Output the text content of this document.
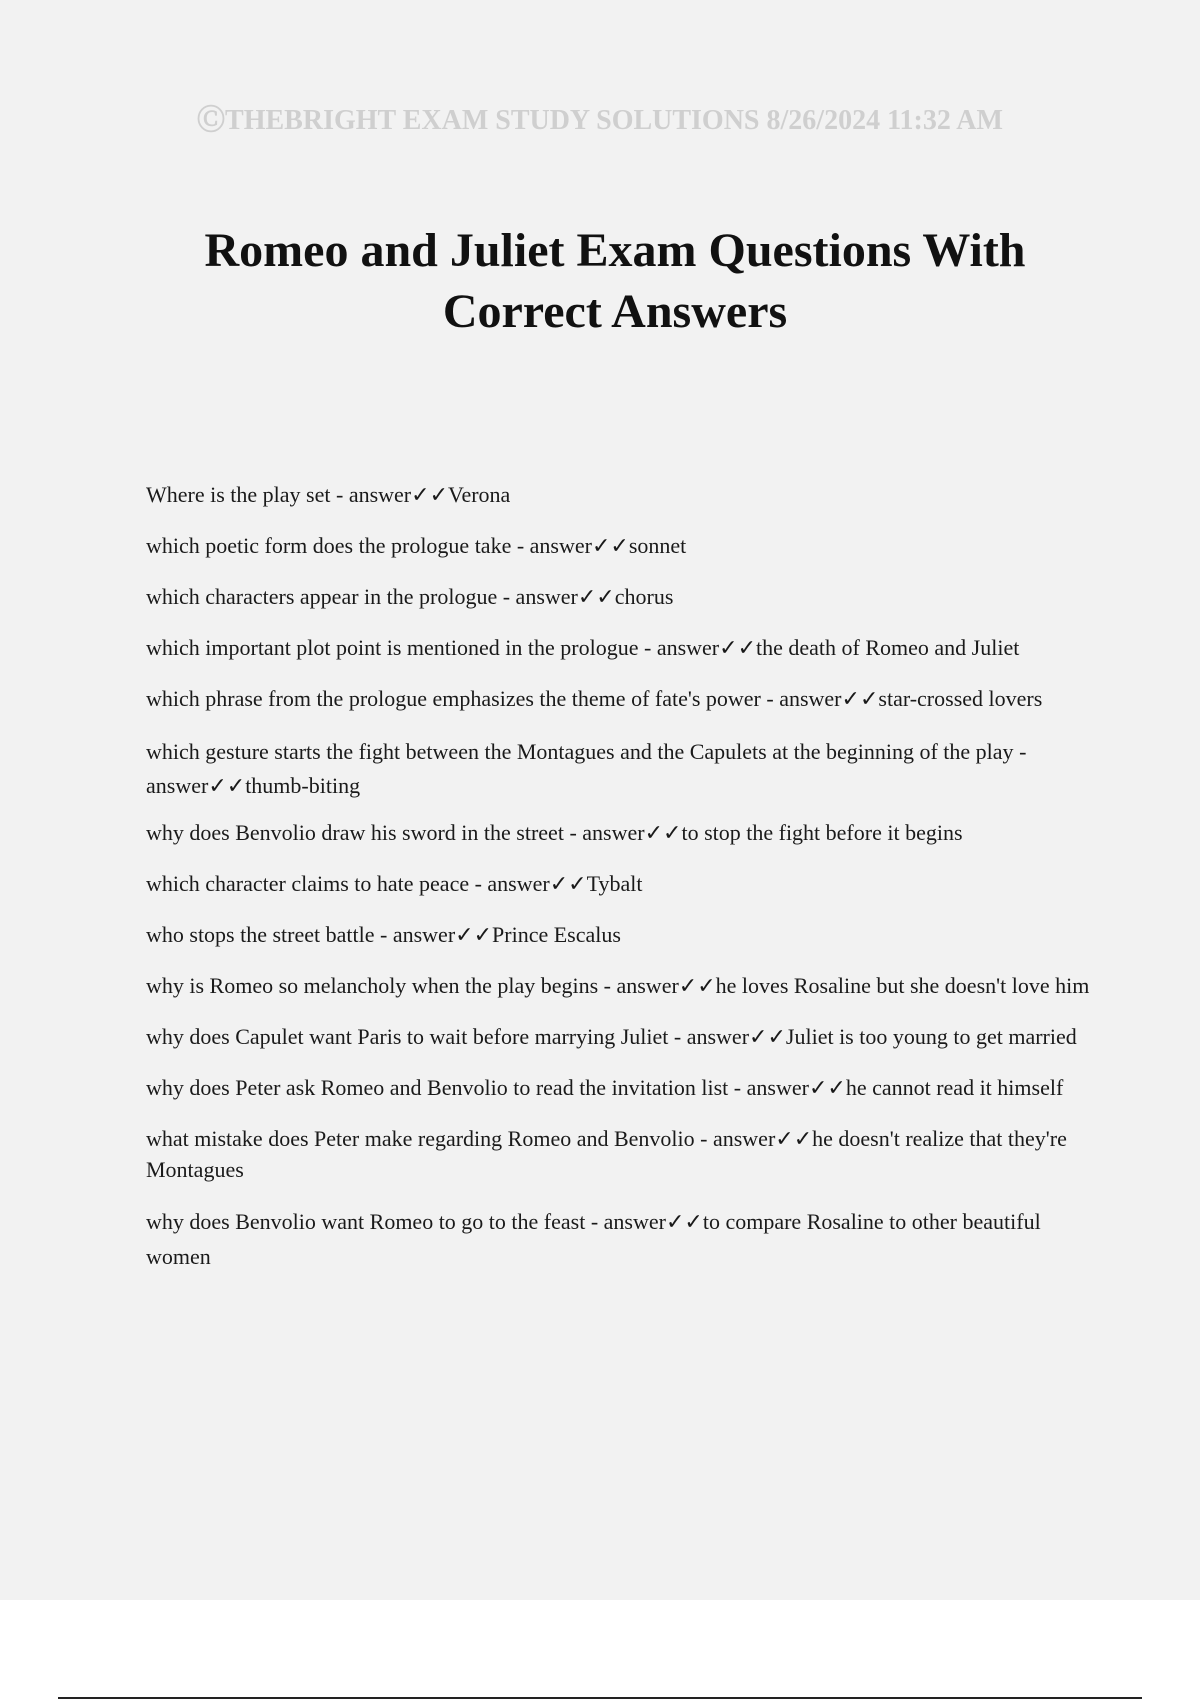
ⒸTHEBRIGHT EXAM STUDY SOLUTIONS 8/26/2024 11:32 AM
Romeo and Juliet Exam Questions With
Correct Answers
Where is the play set - answer✓✓Verona
which poetic form does the prologue take - answer✓✓sonnet
which characters appear in the prologue - answer✓✓chorus
which important plot point is mentioned in the prologue - answer✓✓the death of Romeo and Juliet
which phrase from the prologue emphasizes the theme of fate's power - answer✓✓star-crossed lovers
which gesture starts the fight between the Montagues and the Capulets at the beginning of the play - answer✓✓thumb-biting
why does Benvolio draw his sword in the street - answer✓✓to stop the fight before it begins
which character claims to hate peace - answer✓✓Tybalt
who stops the street battle - answer✓✓Prince Escalus
why is Romeo so melancholy when the play begins - answer✓✓he loves Rosaline but she doesn't love him
why does Capulet want Paris to wait before marrying Juliet - answer✓✓Juliet is too young to get married
why does Peter ask Romeo and Benvolio to read the invitation list - answer✓✓he cannot read it himself
what mistake does Peter make regarding Romeo and Benvolio - answer✓✓he doesn't realize that they're Montagues
why does Benvolio want Romeo to go to the feast - answer✓✓to compare Rosaline to other beautiful women
